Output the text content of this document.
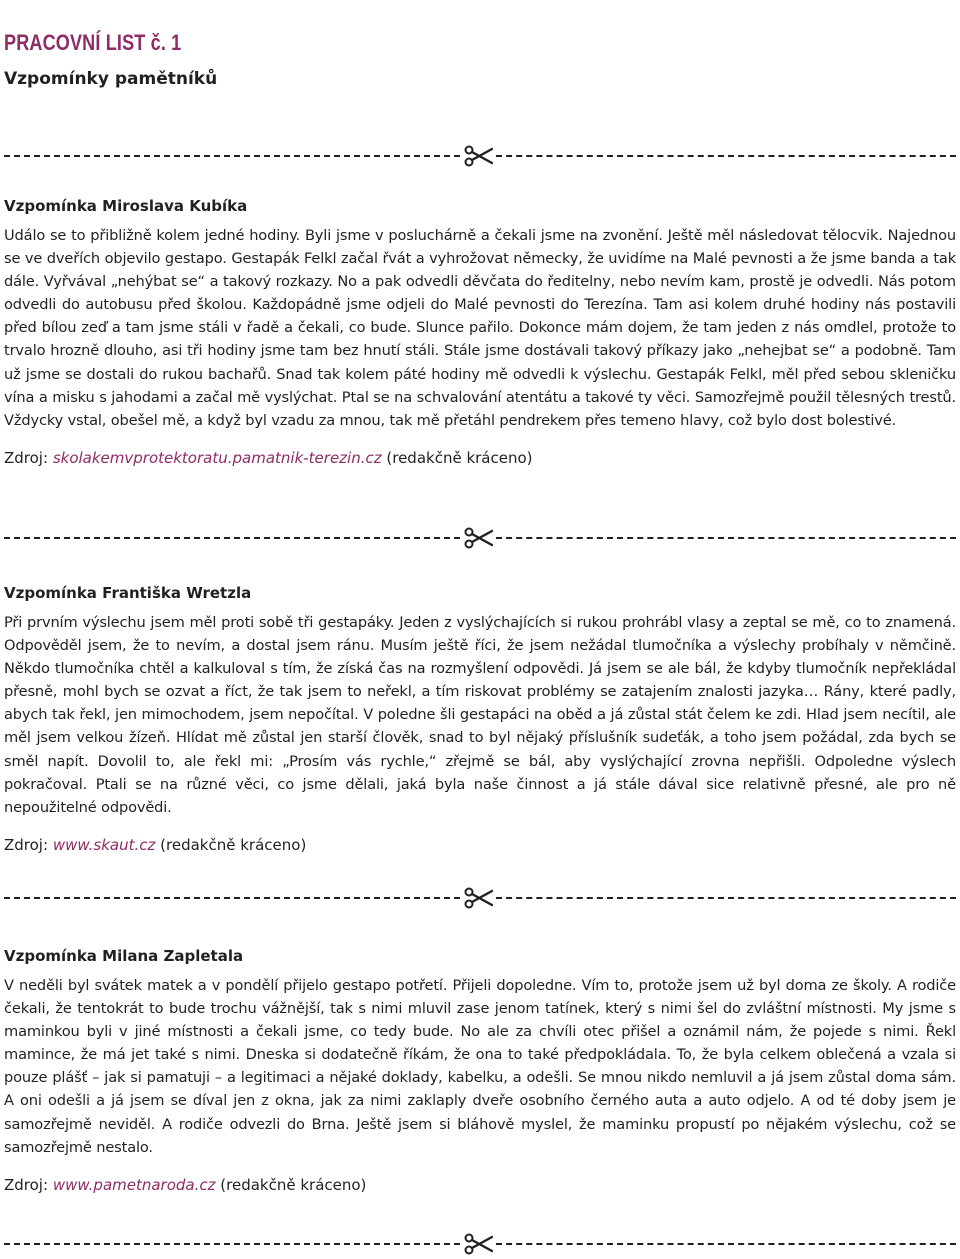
PRACOVNÍ LIST č. 1

Vzpomínky pamětníků

Vzpomínka Miroslava Kubíka

Událo se to přibližně kolem jedné hodiny. Byli jsme v posluchárně a čekali jsme na zvonění. Ještě měl následovat tělocvik. Najednou se ve dveřích objevilo gestapo. Gestapák Felkl začal řvát a vyhrožovat německy, že uvidíme na Malé pevnosti a že jsme banda a tak dále. Vyřvával „nehýbat se“ a takový rozkazy. No a pak odvedli děvčata do ředitelny, nebo nevím kam, prostě je odvedli. Nás potom odvedli do autobusu před školou. Každopádně jsme odjeli do Malé pevnosti do Terezína. Tam asi kolem druhé hodiny nás postavili před bílou zeď a tam jsme stáli v řadě a čekali, co bude. Slunce pařilo. Dokonce mám dojem, že tam jeden z nás omdlel, protože to trvalo hrozně dlouho, asi tři hodiny jsme tam bez hnutí stáli. Stále jsme dostávali takový příkazy jako „nehejbat se“ a podobně. Tam už jsme se dostali do rukou bachařů. Snad tak kolem páté hodiny mě odvedli k výslechu. Gestapák Felkl, měl před sebou skleničku vína a misku s jahodami a začal mě vyslýchat. Ptal se na schvalování atentátu a takové ty věci. Samozřejmě použil tělesných trestů. Vždycky vstal, obešel mě, a když byl vzadu za mnou, tak mě přetáhl pendrekem přes temeno hlavy, což bylo dost bolestivé.

Zdroj: skolakemvprotektoratu.pamatnik-terezin.cz (redakčně kráceno)

Vzpomínka Františka Wretzla

Při prvním výslechu jsem měl proti sobě tři gestapáky. Jeden z vyslýchajících si rukou prohrábl vlasy a zeptal se mě, co to znamená. Odpověděl jsem, že to nevím, a dostal jsem ránu. Musím ještě říci, že jsem nežádal tlumočníka a výslechy probíhaly v němčině. Někdo tlumočníka chtěl a kalkuloval s tím, že získá čas na rozmyšlení odpovědi. Já jsem se ale bál, že kdyby tlumočník nepřekládal přesně, mohl bych se ozvat a říct, že tak jsem to neřekl, a tím riskovat problémy se zatajením znalosti jazyka… Rány, které padly, abych tak řekl, jen mimochodem, jsem nepočítal. V poledne šli gestapáci na oběd a já zůstal stát čelem ke zdi. Hlad jsem necítil, ale měl jsem velkou žízeň. Hlídat mě zůstal jen starší člověk, snad to byl nějaký příslušník sudeťák, a toho jsem požádal, zda bych se směl napít. Dovolil to, ale řekl mi: „Prosím vás rychle,“ zřejmě se bál, aby vyslýchající zrovna nepřišli. Odpoledne výslech pokračoval. Ptali se na různé věci, co jsme dělali, jaká byla naše činnost a já stále dával sice relativně přesné, ale pro ně nepoužitelné odpovědi.

Zdroj: www.skaut.cz (redakčně kráceno)

Vzpomínka Milana Zapletala

V neděli byl svátek matek a v pondělí přijelo gestapo potřetí. Přijeli dopoledne. Vím to, protože jsem už byl doma ze školy. A rodiče čekali, že tentokrát to bude trochu vážnější, tak s nimi mluvil zase jenom tatínek, který s nimi šel do zvláštní místnosti. My jsme s maminkou byli v jiné místnosti a čekali jsme, co tedy bude. No ale za chvíli otec přišel a oznámil nám, že pojede s nimi. Řekl mamince, že má jet také s nimi. Dneska si dodatečně říkám, že ona to také předpokládala. To, že byla celkem oblečená a vzala si pouze plášť – jak si pamatuji – a legitimaci a nějaké doklady, kabelku, a odešli. Se mnou nikdo nemluvil a já jsem zůstal doma sám. A oni odešli a já jsem se díval jen z okna, jak za nimi zaklaply dveře osobního černého auta a auto odjelo. A od té doby jsem je samozřejmě neviděl. A rodiče odvezli do Brna. Ještě jsem si bláhově myslel, že maminku propustí po nějakém výslechu, což se samozřejmě nestalo.

Zdroj: www.pametnaroda.cz (redakčně kráceno)
